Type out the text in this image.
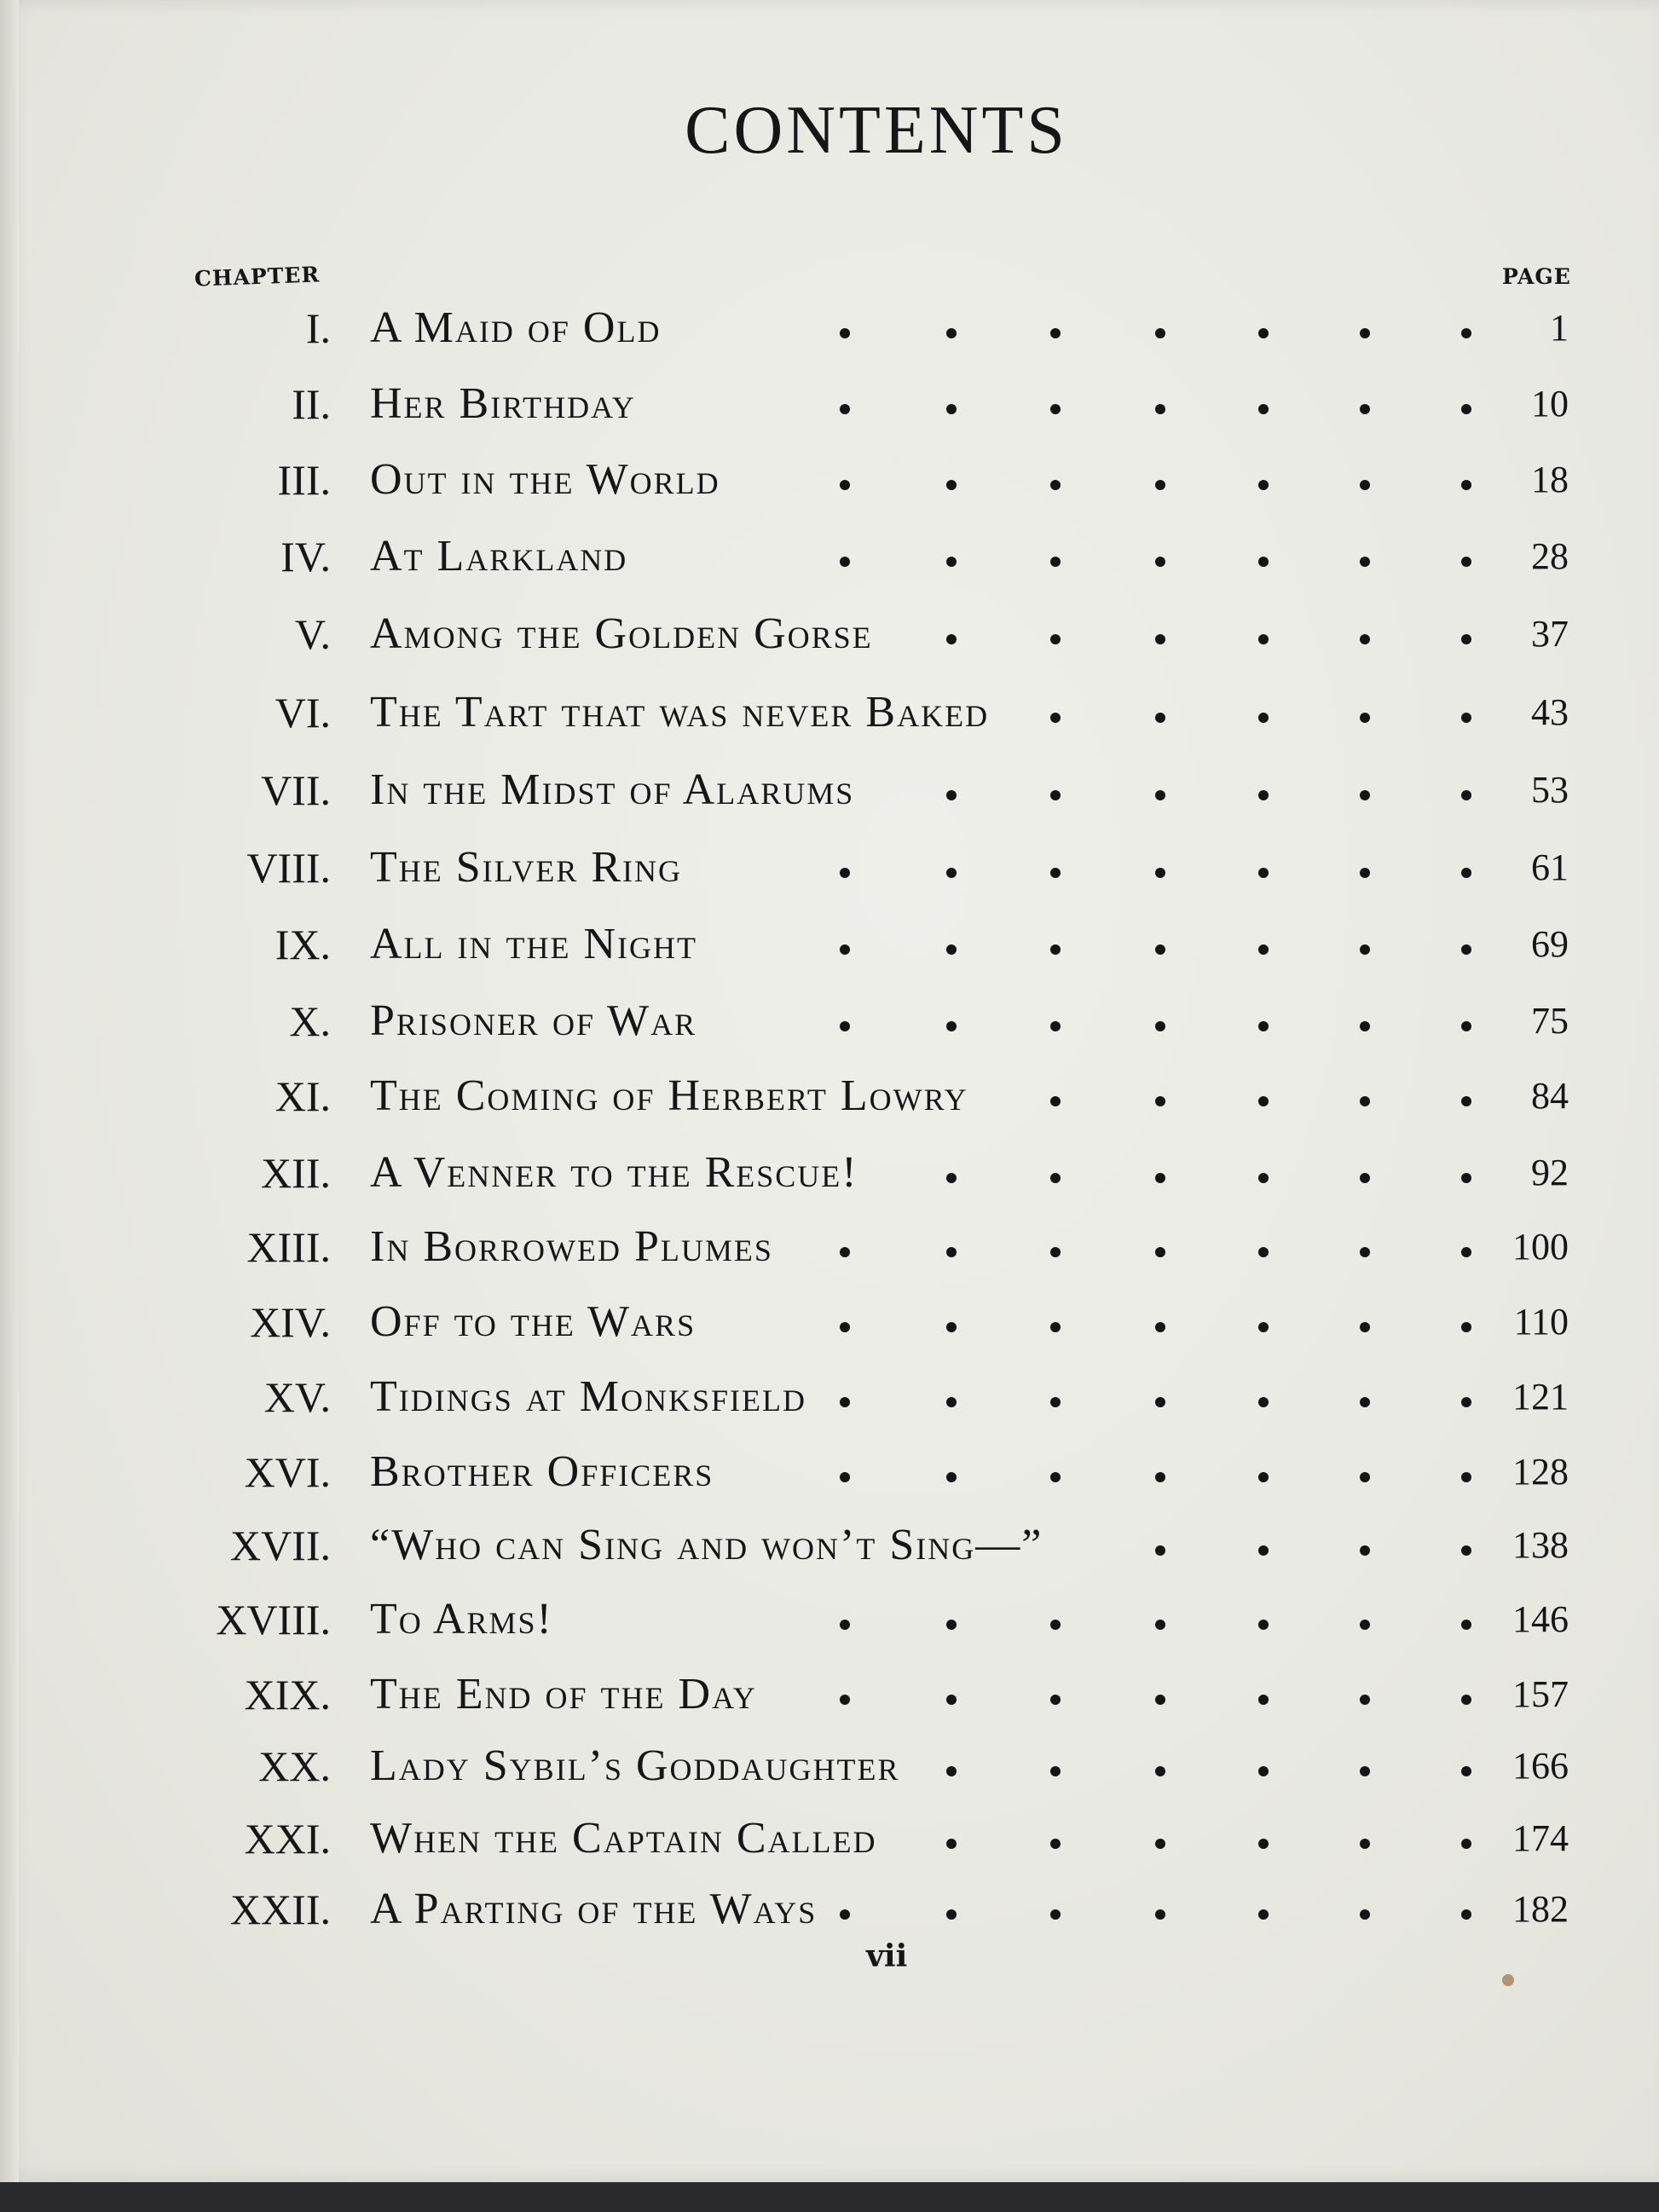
CONTENTS
CHAPTER	PAGE
I. A Maid of Old	1
II. Her Birthday	10
III. Out in the World	18
IV. At Larkland	28
V. Among the Golden Gorse	37
VI. The Tart that was never Baked	43
VII. In the Midst of Alarums	53
VIII. The Silver Ring	61
IX. All in the Night	69
X. Prisoner of War	75
XI. The Coming of Herbert Lowry	84
XII. A Venner to the Rescue!	92
XIII. In Borrowed Plumes	100
XIV. Off to the Wars	110
XV. Tidings at Monksfield	121
XVI. Brother Officers	128
XVII. “Who can Sing and won’t Sing—”	138
XVIII. To Arms!	146
XIX. The End of the Day	157
XX. Lady Sybil’s Goddaughter	166
XXI. When the Captain Called	174
XXII. A Parting of the Ways	182
vii
